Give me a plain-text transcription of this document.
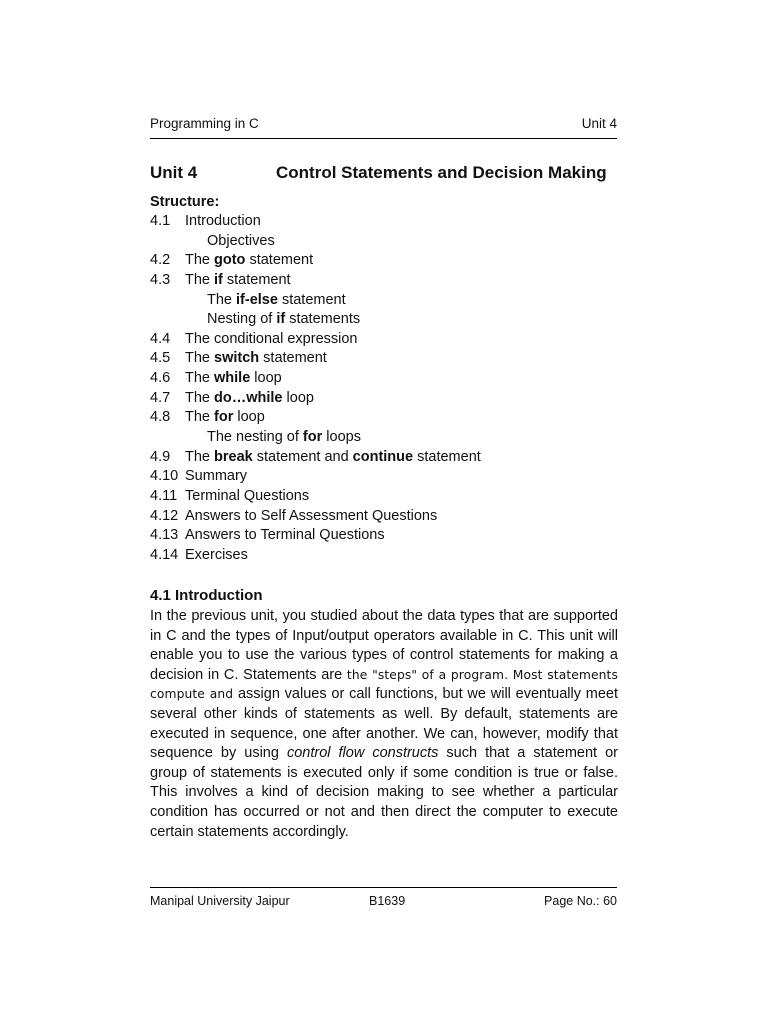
Programming in C	Unit 4
Unit 4	Control Statements and Decision Making
Structure:
4.1 Introduction
Objectives
4.2 The goto statement
4.3 The if statement
The if-else statement
Nesting of if statements
4.4 The conditional expression
4.5 The switch statement
4.6 The while loop
4.7 The do…while loop
4.8 The for loop
The nesting of for loops
4.9 The break statement and continue statement
4.10 Summary
4.11 Terminal Questions
4.12 Answers to Self Assessment Questions
4.13 Answers to Terminal Questions
4.14 Exercises
4.1 Introduction
In the previous unit, you studied about the data types that are supported in C and the types of Input/output operators available in C. This unit will enable you to use the various types of control statements for making a decision in C. Statements are the "steps" of a program. Most statements compute and assign values or call functions, but we will eventually meet several other kinds of statements as well. By default, statements are executed in sequence, one after another. We can, however, modify that sequence by using control flow constructs such that a statement or group of statements is executed only if some condition is true or false. This involves a kind of decision making to see whether a particular condition has occurred or not and then direct the computer to execute certain statements accordingly.
Manipal University Jaipur	B1639	Page No.: 60
